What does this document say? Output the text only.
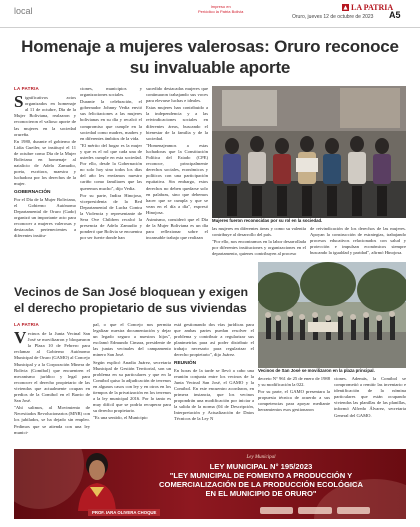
local	Impreso en
Periódico la Patria Bolivia	LA PATRIA
Oruro, jueves 12 de octubre de 2023 A5
Homenaje a mujeres valerosas: Oruro reconoce su invaluable aporte
LA PATRIA

Significativos actos organizados en homenaje al 11 de octubre, Día de la Mujer Boliviana, realzaron y reconocieron el valioso aporte de las mujeres en la sociedad orureña.

En 1980, durante el gobierno de Lidia Gueiler, se instituyó el 11 de octubre como Día de la Mujer Boliviana en homenaje al natalicio de Adela Zamudio, poeta, escritora, maestra y luchadora por los derechos de la mujer.

GOBERNACIÓN

Por el Día de la Mujer Boliviana, el Gobierno Autónomo Departamental de Oruro (Gado) organizó un importante acto para reconocer a mujeres valerosas y destacadas pertenecientes a diferentes institu-

ciones, municipios y organizaciones sociales.

Durante la celebración, el gobernador Johnny Vedia envió sus felicitaciones a las mujeres bolivianas en su día y recalcó el compromiso que cumple en la sociedad como madres, madres y en diferentes ámbitos de la vida.

"El mérito del hogar es la mujer y que es el rol que cada una de ustedes cumple en esta sociedad. Por ello, desde la Gobernación no solo hoy sino todos los días del año les envíamos nuestro cariño como familiares que las queremos mucho", dijo Vedia.

Por su parte, Indira Hinojosa, vicepresidenta de la Red Departamental de Lucha Contra la Violencia y representante de Sera Ove Children recalcó la presencia de Adela Zamudio y ponderó que Bolivia se encuentra por ser fuerte donde han

sucedido destacadas mujeres que continuaron trabajando sus voces para elevarse luchas e ideales.

Estas mujeres han contribuido a la independencia y a las reivindicaciones sociales en diferentes áreas, buscando el bienestar de la familia y de la sociedad.

"Homenajeamos a estas luchadoras que la Constitución Política del Estado (CPE) reconoce, principalmente derechos sociales, económicos y políticos con una participación equitativa. Sin embargo, estos derechos no deben quedarse solo en palabras, sino que debemos hacer que se cumpla y que se vean en el día a día", expresó Hinojosa.

Asimismo, consideró que el Día de la Mujer Boliviana es un día para reflexionar sobre el incansable trabajo que realizan

Mujeres fueron reconocidas por su rol en la sociedad.

las mujeres en diferentes áreas y como su valentía contribuye al desarrollo del país.

"Por ello, nos encontramos en la labor desarrollada por diferentes instituciones y organizaciones en el departamento, quienes contribuyen al proceso

de reivindicación de los derechos de las mujeres. Apoyan la construcción de estrategias, trabajando procesos educativos relacionados con salud y protección e impulsan económicos siempre buscando la igualdad y paridad", afirmó Hinojosa.

Vecinos de San José bloquean y exigen el derecho propietario de sus viviendas
LA PATRIA

Vecinos de la Junta Vecinal San José se movilizaron y bloquearon la Plaza 10 de Febrero para reclamar al Gobierno Autónomo Municipal de Oruro (GAMO) al Concejo Municipal y a la Corporación Minera de Bolivia (Comibol) que encuentren el mecanismo jurídico y legal para reconocer el derecho propietario de las viviendas que actualmente ocupan en predios de la Comibol en el Barrio de San José.

"Ahí salimos, al Movimiento de Necesitados Revolucionarios (MNR) con los jubilados, se ha dejado sin empleo. Pedimos que se atienda con una ley munici-

pal, o que el Concejo nos permita legalizar nuestra documentación y dejar un legado seguro a nuestros hijos", exclamó Edmundo Cimara, presidente de las juntas vecinales del campamento minero San José.

Según explicó Anadia Juárez, secretaria Municipal de Gestión Territorial, son un problema en su particulares y que en la Comibol quiso la adjudicación de terrenos en algunos casos con ley y en otros en los tiempos de la privatización en los terrenos a la ley municipal 2016. Por lo tanto es muy difícil que se podría recuperar para su derecho propietario.

"Es una sentido, el Municipio

está gestionando dos vías jurídicas para que ambas partes puedan resolver el problema y contribuir a regularizar sus planimetrías para así poder distribuir el trabajo necesario para regularizar el derecho propietario", dijo Juárez.

REUNIÓN

En horas de la tarde se llevó a cabo una reunión conjunta entre los vecinos de la Junta Vecinal San José, el GAMO y la Comibol. En este encuentro acordaron, en primera instancia, que los vecinos propondrán una modificación por iniciar a la salida de la norma (04 de Descripción, Interpretación y Actualización de Datos Técnicos de la Ley N

Vecinos de San José se movilizaron en la plaza principal.

decreto N° 961 de 25 de enero de 1988 y su modificación la 022.

Por su parte, el GAMO presentara la propuesta técnica de acuerdo a sus competencias para apoyar mediante herramientos esos gestionaron

ciones. Además, la Comibol se comprometió a remitir las inventario e identificación de la nómina particulares que están ocupando viviendas las planillas de las planillas, informó Alfredo Álvarez, secretaria General del GAMO.

PROF. IARA OLIVERA CHOQUE
Ley Municipal
LEY MUNICIPAL N° 195/2023
"LEY MUNICIPAL DE FOMENTO A PRODUCCIÓN Y
COMERCIALIZACIÓN DE LA PRODUCCIÓN ECOLÓGICA
EN EL MUNICIPIO DE ORURO"
